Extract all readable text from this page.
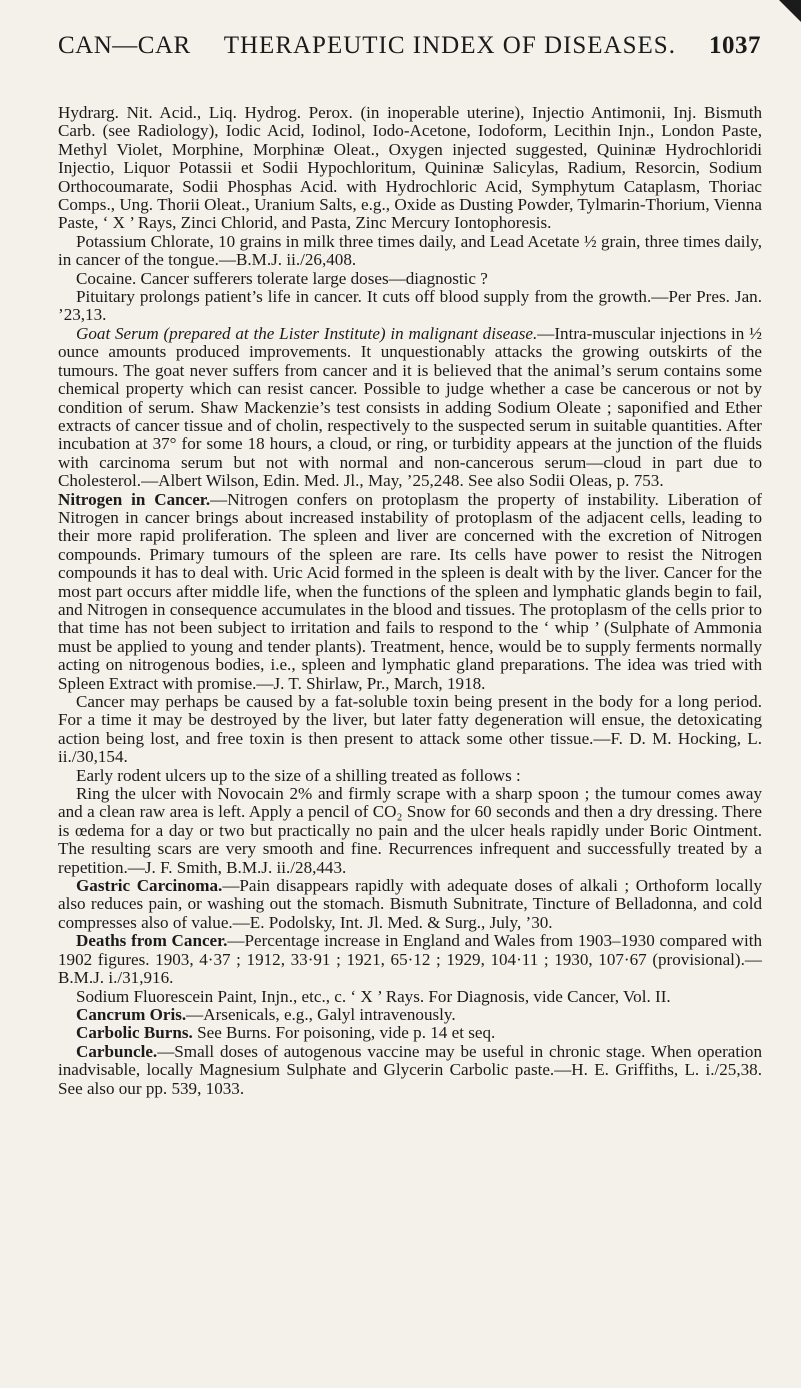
CAN—CAR THERAPEUTIC INDEX OF DISEASES. 1037

Hydrarg. Nit. Acid., Liq. Hydrog. Perox. (in inoperable uterine), Injectio Antimonii, Inj. Bismuth Carb. (see Radiology), Iodic Acid, Iodinol, Iodo-Acetone, Iodoform, Lecithin Injn., London Paste, Methyl Violet, Morphine, Morphinæ Oleat., Oxygen injected suggested, Quininæ Hydrochloridi Injectio, Liquor Potassii et Sodii Hypochloritum, Quininæ Salicylas, Radium, Resorcin, Sodium Orthocoumarate, Sodii Phosphas Acid. with Hydrochloric Acid, Symphytum Cataplasm, Thoriac Comps., Ung. Thorii Oleat., Uranium Salts, e.g., Oxide as Dusting Powder, Tylmarin-Thorium, Vienna Paste, ‘ X ’ Rays, Zinci Chlorid, and Pasta, Zinc Mercury Iontophoresis.

Potassium Chlorate, 10 grains in milk three times daily, and Lead Acetate ½ grain, three times daily, in cancer of the tongue.—B.M.J. ii./26,408.

Cocaine. Cancer sufferers tolerate large doses—diagnostic ?

Pituitary prolongs patient’s life in cancer. It cuts off blood supply from the growth.—Per Pres. Jan. ’23,13.

Goat Serum (prepared at the Lister Institute) in malignant disease.—Intra-muscular injections in ½ ounce amounts produced improvements. It unquestionably attacks the growing outskirts of the tumours. The goat never suffers from cancer and it is believed that the animal’s serum contains some chemical property which can resist cancer. Possible to judge whether a case be cancerous or not by condition of serum. Shaw Mackenzie’s test consists in adding Sodium Oleate ; saponified and Ether extracts of cancer tissue and of cholin, respectively to the suspected serum in suitable quantities. After incubation at 37° for some 18 hours, a cloud, or ring, or turbidity appears at the junction of the fluids with carcinoma serum but not with normal and non-cancerous serum—cloud in part due to Cholesterol.—Albert Wilson, Edin. Med. Jl., May, ’25,248. See also Sodii Oleas, p. 753.

Nitrogen in Cancer.—Nitrogen confers on protoplasm the property of instability. Liberation of Nitrogen in cancer brings about increased instability of protoplasm of the adjacent cells, leading to their more rapid proliferation. The spleen and liver are concerned with the excretion of Nitrogen compounds. Primary tumours of the spleen are rare. Its cells have power to resist the Nitrogen compounds it has to deal with. Uric Acid formed in the spleen is dealt with by the liver. Cancer for the most part occurs after middle life, when the functions of the spleen and lymphatic glands begin to fail, and Nitrogen in consequence accumulates in the blood and tissues. The protoplasm of the cells prior to that time has not been subject to irritation and fails to respond to the ‘ whip ’ (Sulphate of Ammonia must be applied to young and tender plants). Treatment, hence, would be to supply ferments normally acting on nitrogenous bodies, i.e., spleen and lymphatic gland preparations. The idea was tried with Spleen Extract with promise.—J. T. Shirlaw, Pr., March, 1918.

Cancer may perhaps be caused by a fat-soluble toxin being present in the body for a long period. For a time it may be destroyed by the liver, but later fatty degeneration will ensue, the detoxicating action being lost, and free toxin is then present to attack some other tissue.—F. D. M. Hocking, L. ii./30,154.

Early rodent ulcers up to the size of a shilling treated as follows :

Ring the ulcer with Novocain 2% and firmly scrape with a sharp spoon ; the tumour comes away and a clean raw area is left. Apply a pencil of CO₂ Snow for 60 seconds and then a dry dressing. There is œdema for a day or two but practically no pain and the ulcer heals rapidly under Boric Ointment. The resulting scars are very smooth and fine. Recurrences infrequent and successfully treated by a repetition.—J. F. Smith, B.M.J. ii./28,443.

Gastric Carcinoma.—Pain disappears rapidly with adequate doses of alkali ; Orthoform locally also reduces pain, or washing out the stomach. Bismuth Subnitrate, Tincture of Belladonna, and cold compresses also of value.—E. Podolsky, Int. Jl. Med. & Surg., July, ’30.

Deaths from Cancer.—Percentage increase in England and Wales from 1903–1930 compared with 1902 figures. 1903, 4·37 ; 1912, 33·91 ; 1921, 65·12 ; 1929, 104·11 ; 1930, 107·67 (provisional).—B.M.J. i./31,916.

Sodium Fluorescein Paint, Injn., etc., c. ‘ X ’ Rays. For Diagnosis, vide Cancer, Vol. II.

Cancrum Oris.—Arsenicals, e.g., Galyl intravenously.

Carbolic Burns. See Burns. For poisoning, vide p. 14 et seq.

Carbuncle.—Small doses of autogenous vaccine may be useful in chronic stage. When operation inadvisable, locally Magnesium Sulphate and Glycerin Carbolic paste.—H. E. Griffiths, L. i./25,38. See also our pp. 539, 1033.
